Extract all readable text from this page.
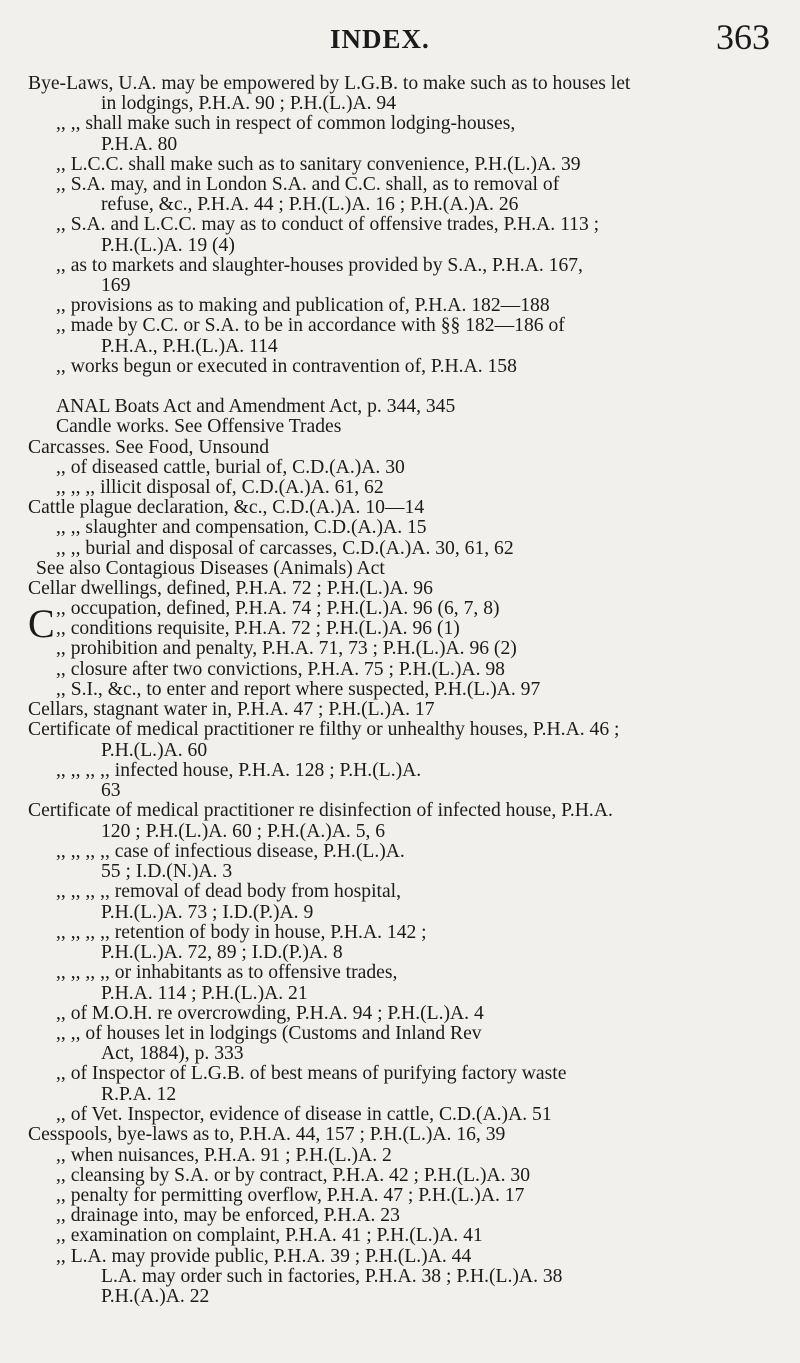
INDEX.	363
C
Bye-Laws, U.A. may be empowered by L.G.B. to make such as to houses let
in lodgings, P.H.A. 90 ; P.H.(L.)A. 94
,, ,, shall make such in respect of common lodging-houses,
P.H.A. 80
,, L.C.C. shall make such as to sanitary convenience, P.H.(L.)A. 39
,, S.A. may, and in London S.A. and C.C. shall, as to removal of
refuse, &c., P.H.A. 44 ; P.H.(L.)A. 16 ; P.H.(A.)A. 26
,, S.A. and L.C.C. may as to conduct of offensive trades, P.H.A. 113 ;
P.H.(L.)A. 19 (4)
,, as to markets and slaughter-houses provided by S.A., P.H.A. 167,
169
,, provisions as to making and publication of, P.H.A. 182—188
,, made by C.C. or S.A. to be in accordance with §§ 182—186 of
P.H.A., P.H.(L.)A. 114
,, works begun or executed in contravention of, P.H.A. 158
ANAL Boats Act and Amendment Act, p. 344, 345
Candle works. See Offensive Trades
Carcasses. See Food, Unsound
,, of diseased cattle, burial of, C.D.(A.)A. 30
,, ,, ,, illicit disposal of, C.D.(A.)A. 61, 62
Cattle plague declaration, &c., C.D.(A.)A. 10—14
,, ,, slaughter and compensation, C.D.(A.)A. 15
,, ,, burial and disposal of carcasses, C.D.(A.)A. 30, 61, 62
See also Contagious Diseases (Animals) Act
Cellar dwellings, defined, P.H.A. 72 ; P.H.(L.)A. 96
,, occupation, defined, P.H.A. 74 ; P.H.(L.)A. 96 (6, 7, 8)
,, conditions requisite, P.H.A. 72 ; P.H.(L.)A. 96 (1)
,, prohibition and penalty, P.H.A. 71, 73 ; P.H.(L.)A. 96 (2)
,, closure after two convictions, P.H.A. 75 ; P.H.(L.)A. 98
,, S.I., &c., to enter and report where suspected, P.H.(L.)A. 97
Cellars, stagnant water in, P.H.A. 47 ; P.H.(L.)A. 17
Certificate of medical practitioner re filthy or unhealthy houses, P.H.A. 46 ;
P.H.(L.)A. 60
,, ,, ,, ,, infected house, P.H.A. 128 ; P.H.(L.)A.
63
Certificate of medical practitioner re disinfection of infected house, P.H.A.
120 ; P.H.(L.)A. 60 ; P.H.(A.)A. 5, 6
,, ,, ,, ,, case of infectious disease, P.H.(L.)A.
55 ; I.D.(N.)A. 3
,, ,, ,, ,, removal of dead body from hospital,
P.H.(L.)A. 73 ; I.D.(P.)A. 9
,, ,, ,, ,, retention of body in house, P.H.A. 142 ;
P.H.(L.)A. 72, 89 ; I.D.(P.)A. 8
,, ,, ,, ,, or inhabitants as to offensive trades,
P.H.A. 114 ; P.H.(L.)A. 21
,, of M.O.H. re overcrowding, P.H.A. 94 ; P.H.(L.)A. 4
,, ,, of houses let in lodgings (Customs and Inland Rev
Act, 1884), p. 333
,, of Inspector of L.G.B. of best means of purifying factory waste
R.P.A. 12
,, of Vet. Inspector, evidence of disease in cattle, C.D.(A.)A. 51
Cesspools, bye-laws as to, P.H.A. 44, 157 ; P.H.(L.)A. 16, 39
,, when nuisances, P.H.A. 91 ; P.H.(L.)A. 2
,, cleansing by S.A. or by contract, P.H.A. 42 ; P.H.(L.)A. 30
,, penalty for permitting overflow, P.H.A. 47 ; P.H.(L.)A. 17
,, drainage into, may be enforced, P.H.A. 23
,, examination on complaint, P.H.A. 41 ; P.H.(L.)A. 41
,, L.A. may provide public, P.H.A. 39 ; P.H.(L.)A. 44
L.A. may order such in factories, P.H.A. 38 ; P.H.(L.)A. 38
P.H.(A.)A. 22
